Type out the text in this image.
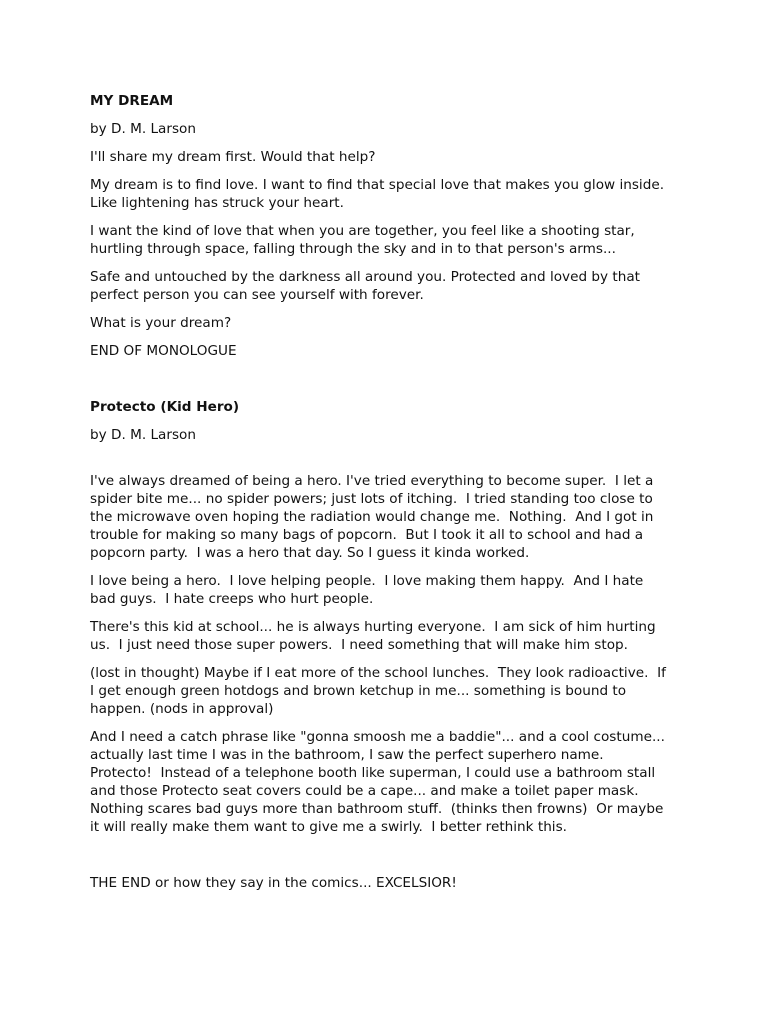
MY DREAM

by D. M. Larson

I'll share my dream first. Would that help?

My dream is to find love. I want to find that special love that makes you glow inside.
Like lightening has struck your heart.

I want the kind of love that when you are together, you feel like a shooting star,
hurtling through space, falling through the sky and in to that person's arms...

Safe and untouched by the darkness all around you. Protected and loved by that
perfect person you can see yourself with forever.

What is your dream?

END OF MONOLOGUE

Protecto (Kid Hero)

by D. M. Larson

I've always dreamed of being a hero. I've tried everything to become super.  I let a
spider bite me... no spider powers; just lots of itching.  I tried standing too close to
the microwave oven hoping the radiation would change me.  Nothing.  And I got in
trouble for making so many bags of popcorn.  But I took it all to school and had a
popcorn party.  I was a hero that day. So I guess it kinda worked.

I love being a hero.  I love helping people.  I love making them happy.  And I hate
bad guys.  I hate creeps who hurt people.

There's this kid at school... he is always hurting everyone.  I am sick of him hurting
us.  I just need those super powers.  I need something that will make him stop.

(lost in thought) Maybe if I eat more of the school lunches.  They look radioactive.  If
I get enough green hotdogs and brown ketchup in me... something is bound to
happen. (nods in approval)

And I need a catch phrase like "gonna smoosh me a baddie"... and a cool costume...
actually last time I was in the bathroom, I saw the perfect superhero name.
Protecto!  Instead of a telephone booth like superman, I could use a bathroom stall
and those Protecto seat covers could be a cape... and make a toilet paper mask.
Nothing scares bad guys more than bathroom stuff.  (thinks then frowns)  Or maybe
it will really make them want to give me a swirly.  I better rethink this.

THE END or how they say in the comics... EXCELSIOR!
